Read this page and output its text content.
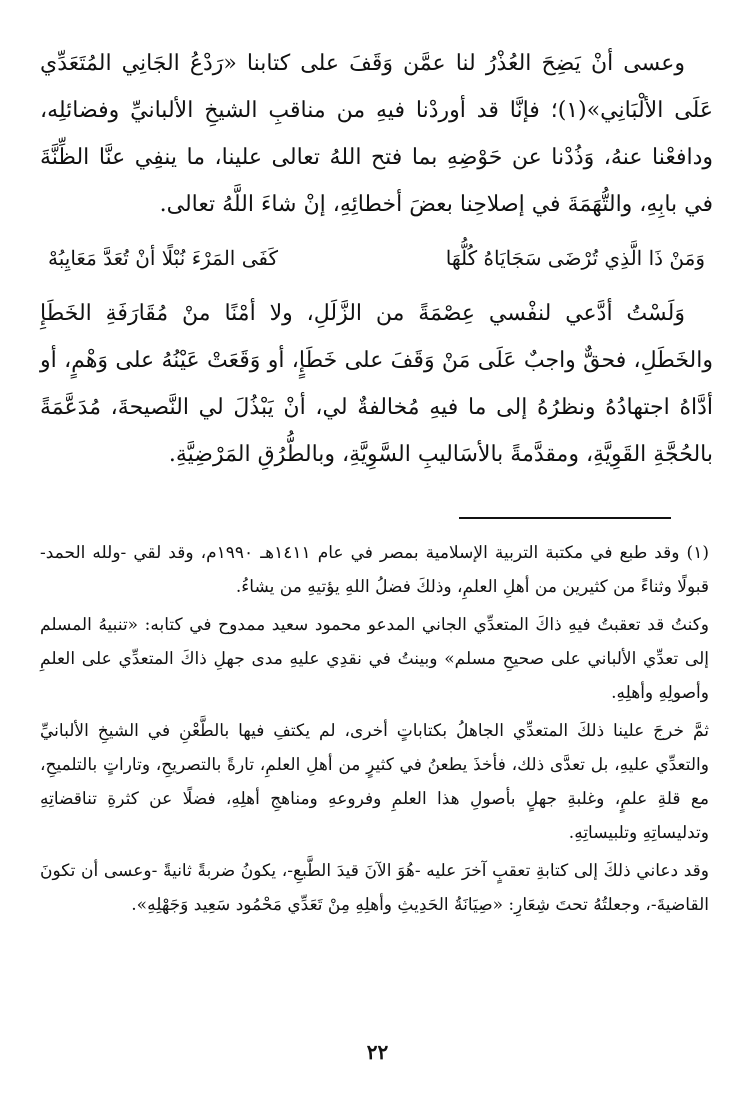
وعسى أنْ يَضِحَ العُذْرُ لنا عمَّن وَقَفَ على كتابنا «رَدْعُ الجَانِي المُتَعَدِّي عَلَى الألْبَانِي»(١)؛ فإنَّا قد أوردْنا فيهِ من مناقبِ الشيخِ الألبانيِّ وفضائلِه، ودافعْنا عنهُ، وَذُدْنا عن حَوْضِهِ بما فتح اللهُ تعالى علينا، ما ينفِي عنَّا الظِّنَّةَ في بابِهِ، والتُّهَمَةَ في إصلاحِنا بعضَ أخطائِهِ، إنْ شاءَ اللَّهُ تعالى.

وَمَنْ ذَا الَّذِي تُرْضَى سَجَايَاهُ كُلُّهَا
كَفَى المَرْءَ نُبْلًا أنْ تُعَدَّ مَعَايِبُهْ

وَلَسْتُ أدَّعي لنفْسي عِصْمَةً من الزَّلَلِ، ولا أمْنًا منْ مُقَارَفَةِ الخَطَإِ والخَطَلِ، فحقٌّ واجبٌ عَلَى مَنْ وَقَفَ على خَطَإٍ، أو وَقَعَتْ عَيْنُهُ على وَهْمٍ، أو أدَّاهُ اجتهادُهُ ونظرُهُ إلى ما فيهِ مُخالفةٌ لي، أنْ يَبْذُلَ لي النَّصيحةَ، مُدَعَّمَةً بالحُجَّةِ القَوِيَّةِ، ومقدَّمةً بالأسَاليبِ السَّوِيَّةِ، وبالطُّرُقِ المَرْضِيَّةِ.

(١) وقد طبع في مكتبة التربية الإسلامية بمصر في عام ١٤١١هـ ١٩٩٠م، وقد لقي -ولله الحمد- قبولًا وثناءً من كثيرين من أهلِ العلمِ، وذلكَ فضلُ اللهِ يؤتيهِ من يشاءُ.

وكنتُ قد تعقبتُ فيهِ ذاكَ المتعدِّي الجاني المدعو محمود سعيد ممدوح في كتابه: «تنبيهُ المسلم إلى تعدِّي الألباني على صحيحِ مسلم» وبينتُ في نقدِي عليهِ مدى جهلِ ذاكَ المتعدِّي على العلمِ وأصولِهِ وأهلِهِ.

ثمَّ خرجَ علينا ذلكَ المتعدِّي الجاهلُ بكتاباتٍ أخرى، لم يكتفِ فيها بالطَّعْنِ في الشيخِ الألبانيِّ والتعدِّي عليهِ، بل تعدَّى ذلك، فأخذَ يطعنُ في كثيرٍ من أهلِ العلمِ، تارةً بالتصريحِ، وتاراتٍ بالتلميحِ، مع قلةِ علمٍ، وغلبةِ جهلٍ بأصولِ هذا العلمِ وفروعهِ ومناهجِ أهلِهِ، فضلًا عن كثرةِ تناقضاتِهِ وتدليساتِهِ وتلبيساتِهِ.

وقد دعاني ذلكَ إلى كتابةِ تعقبٍ آخرَ عليه -هُوَ الآنَ قيدَ الطَّبعِ-، يكونُ ضربةً ثانيةً -وعسى أن تكونَ القاضيةَ-، وجعلتُهُ تحتَ شِعَارِ: «صِيَانَةُ الحَدِيثِ وأهلِهِ مِنْ تَعَدِّي مَحْمُود سَعِيد وَجَهْلِهِ».

٢٢
